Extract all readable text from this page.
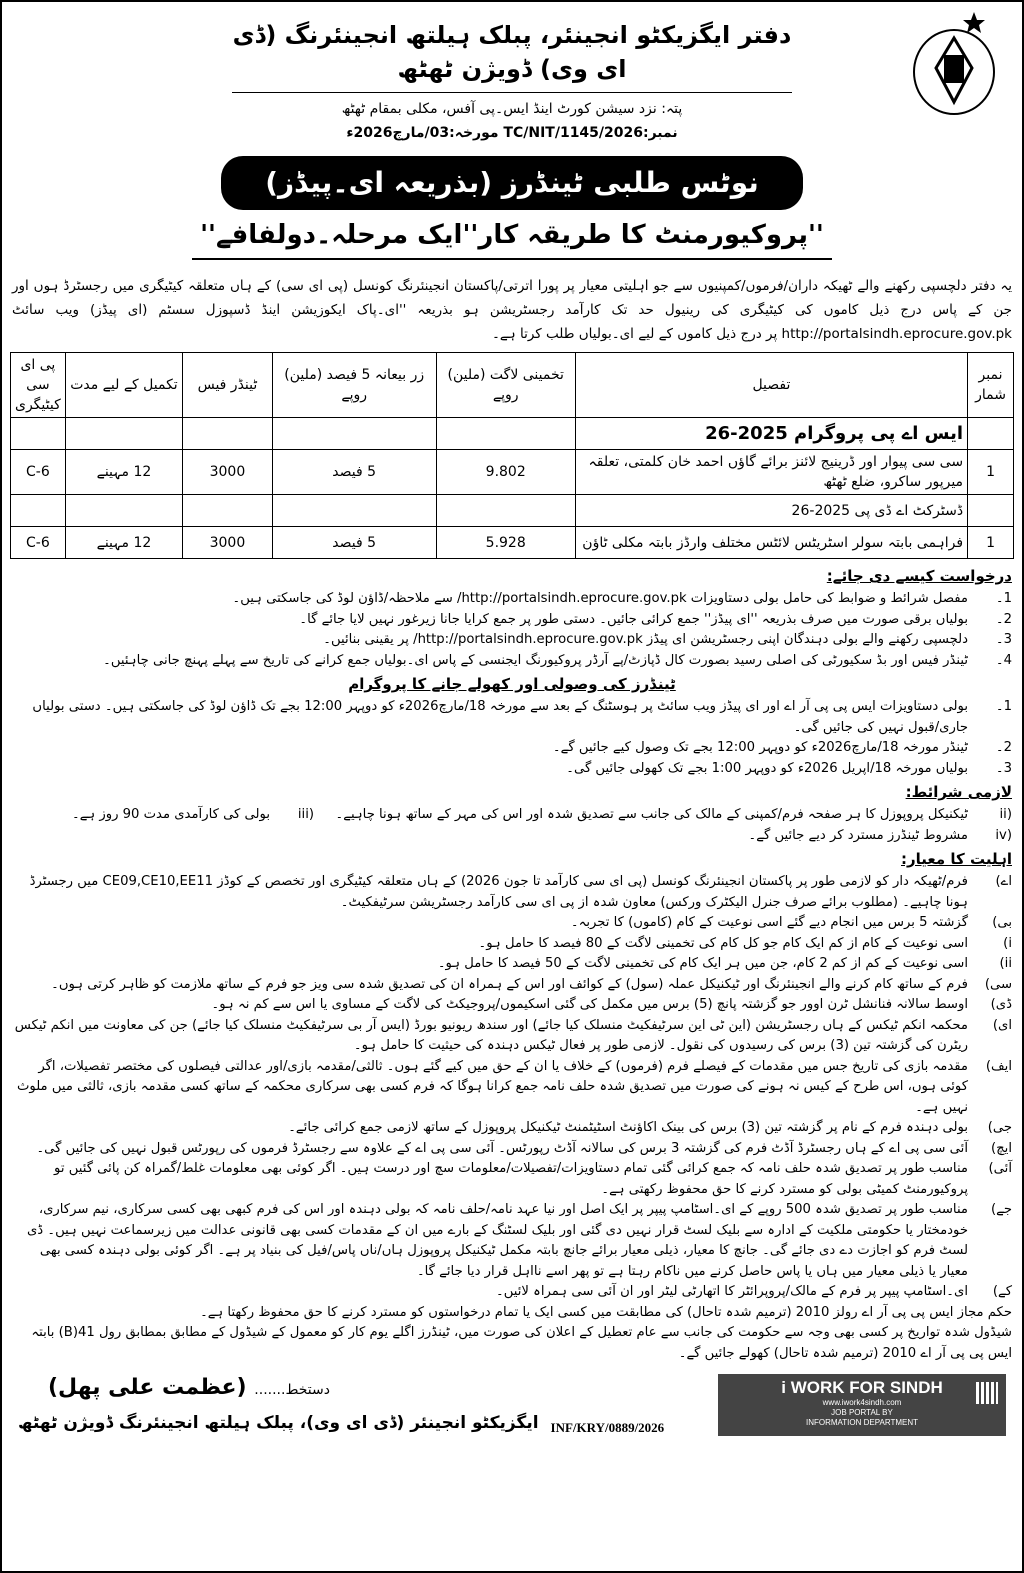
دفتر ایگزیکٹو انجینئر، پبلک ہیلتھ انجینئرنگ (ڈی ای وی) ڈویژن ٹھٹھ
پتہ: نزد سیشن کورٹ اینڈ ایس۔پی آفس، مکلی بمقام ٹھٹھ
نمبر:TC/NIT/1145/2026 مورخہ:03/مارچ2026ء
نوٹس طلبی ٹینڈرز (بذریعہ ای۔پیڈز)
''پروکیورمنٹ کا طریقہ کار''ایک مرحلہ۔دولفافے''
یہ دفتر دلچسپی رکھنے والے ٹھیکہ داران/فرموں/کمپنیوں سے جو اہلیتی معیار پر پورا اترتی/پاکستان انجینئرنگ کونسل (پی ای سی) کے ہاں متعلقہ کیٹیگری میں رجسٹرڈ ہوں اور جن کے پاس درج ذیل کاموں کی کیٹیگری کی رینیول حد تک کارآمد رجسٹریشن ہو بذریعہ ''ای۔پاک ایکوزیشن اینڈ ڈسپوزل سسٹم (ای پیڈز) ویب سائٹ http://portalsindh.eprocure.gov.pk پر درج ذیل کاموں کے لیے ای۔بولیاں طلب کرتا ہے۔
نمبر شمار	تفصیل	تخمینی لاگت (ملین) روپے	زر بیعانہ 5 فیصد (ملین) روپے	ٹینڈر فیس	تکمیل کے لیے مدت	پی ای سی کیٹیگری
	ایس اے پی پروگرام 2025-26					
1	سی سی پیوار اور ڈرینیج لائنز برائے گاؤں احمد خان کلمتی، تعلقہ میرپور ساکرو، ضلع ٹھٹھ	9.802	5 فیصد	3000	12 مہینے	C-6
	ڈسٹرکٹ اے ڈی پی 2025-26					
1	فراہمی بابتہ سولر اسٹریٹس لائٹس مختلف وارڈز بابتہ مکلی ٹاؤن	5.928	5 فیصد	3000	12 مہینے	C-6
درخواست کیسے دی جائے:
1۔
مفصل شرائط و ضوابط کی حامل بولی دستاویزات http://portalsindh.eprocure.gov.pk/ سے ملاحظہ/ڈاؤن لوڈ کی جاسکتی ہیں۔
2۔
بولیاں برقی صورت میں صرف بذریعہ ''ای پیڈز'' جمع کرائی جائیں۔ دستی طور پر جمع کرایا جانا زیرغور نہیں لایا جائے گا۔
3۔
دلچسپی رکھنے والے بولی دہندگان اپنی رجسٹریشن ای پیڈز http://portalsindh.eprocure.gov.pk/ پر یقینی بنائیں۔
4۔
ٹینڈر فیس اور بڈ سکیورٹی کی اصلی رسید بصورت کال ڈپازٹ/پے آرڈر پروکیورنگ ایجنسی کے پاس ای۔بولیاں جمع کرانے کی تاریخ سے پہلے پہنچ جانی چاہئیں۔
ٹینڈرز کی وصولی اور کھولے جانے کا پروگرام
1۔
بولی دستاویزات ایس پی پی آر اے اور ای پیڈز ویب سائٹ پر ہوسٹنگ کے بعد سے مورخہ 18/مارچ2026ء کو دوپہر 12:00 بجے تک ڈاؤن لوڈ کی جاسکتی ہیں۔ دستی بولیاں جاری/قبول نہیں کی جائیں گی۔
2۔
ٹینڈر مورخہ 18/مارچ2026ء کو دوپہر 12:00 بجے تک وصول کیے جائیں گے۔
3۔
بولیاں مورخہ 18/اپریل 2026ء کو دوپہر 1:00 بجے تک کھولی جائیں گی۔
لازمی شرائط:
(ii
ٹیکنیکل پروپوزل کا ہر صفحہ فرم/کمپنی کے مالک کی جانب سے تصدیق شدہ اور اس کی مہر کے ساتھ ہونا چاہیے۔
(iii
بولی کی کارآمدی مدت 90 روز ہے۔
(iv
مشروط ٹینڈرز مسترد کر دیے جائیں گے۔
اہلیت کا معیار:
اے)
فرم/ٹھیکہ دار کو لازمی طور پر پاکستان انجینئرنگ کونسل (پی ای سی کارآمد تا جون 2026) کے ہاں متعلقہ کیٹیگری اور تخصص کے کوڈز CE09,CE10,EE11 میں رجسٹرڈ ہونا چاہیے۔ (مطلوب برائے صرف جنرل الیکٹرک ورکس) معاون شدہ از پی ای سی کارآمد رجسٹریشن سرٹیفکیٹ۔
بی)
گزشتہ 5 برس میں انجام دیے گئے اسی نوعیت کے کام (کاموں) کا تجربہ۔
i)
اسی نوعیت کے کام از کم ایک کام جو کل کام کی تخمینی لاگت کے 80 فیصد کا حامل ہو۔
ii)
اسی نوعیت کے کم از کم 2 کام، جن میں ہر ایک کام کی تخمینی لاگت کے 50 فیصد کا حامل ہو۔
سی)
فرم کے ساتھ کام کرنے والے انجینئرنگ اور ٹیکنیکل عملہ (سول) کے کوائف اور اس کے ہمراہ ان کی تصدیق شدہ سی ویز جو فرم کے ساتھ ملازمت کو ظاہر کرتی ہوں۔
ڈی)
اوسط سالانہ فنانشل ٹرن اوور جو گزشتہ پانچ (5) برس میں مکمل کی گئی اسکیموں/پروجیکٹ کی لاگت کے مساوی یا اس سے کم نہ ہو۔
ای)
محکمہ انکم ٹیکس کے ہاں رجسٹریشن (این ٹی این سرٹیفکیٹ منسلک کیا جائے) اور سندھ ریونیو بورڈ (ایس آر بی سرٹیفکیٹ منسلک کیا جائے) جن کی معاونت میں انکم ٹیکس ریٹرن کی گزشتہ تین (3) برس کی رسیدوں کی نقول۔ لازمی طور پر فعال ٹیکس دہندہ کی حیثیت کا حامل ہو۔
ایف)
مقدمہ بازی کی تاریخ جس میں مقدمات کے فیصلے فرم (فرموں) کے خلاف یا ان کے حق میں کیے گئے ہوں۔ ثالثی/مقدمہ بازی/اور عدالتی فیصلوں کی مختصر تفصیلات، اگر کوئی ہوں، اس طرح کے کیس نہ ہونے کی صورت میں تصدیق شدہ حلف نامہ جمع کرانا ہوگا کہ فرم کسی بھی سرکاری محکمہ کے ساتھ کسی مقدمہ بازی، ثالثی میں ملوث نہیں ہے۔
جی)
بولی دہندہ فرم کے نام پر گزشتہ تین (3) برس کی بینک اکاؤنٹ اسٹیٹمنٹ ٹیکنیکل پروپوزل کے ساتھ لازمی جمع کرائی جائے۔
ایچ)
آئی سی پی اے کے ہاں رجسٹرڈ آڈٹ فرم کی گزشتہ 3 برس کی سالانہ آڈٹ رپورٹس۔ آئی سی پی اے کے علاوہ سے رجسٹرڈ فرموں کی رپورٹس قبول نہیں کی جائیں گی۔
آئی)
مناسب طور پر تصدیق شدہ حلف نامہ کہ جمع کرائی گئی تمام دستاویزات/تفصیلات/معلومات سچ اور درست ہیں۔ اگر کوئی بھی معلومات غلط/گمراہ کن پائی گئیں تو پروکیورمنٹ کمیٹی بولی کو مسترد کرنے کا حق محفوظ رکھتی ہے۔
جے)
مناسب طور پر تصدیق شدہ 500 روپے کے ای۔اسٹامپ پیپر پر ایک اصل اور نیا عہد نامہ/حلف نامہ کہ بولی دہندہ اور اس کی فرم کبھی بھی کسی سرکاری، نیم سرکاری، خودمختار یا حکومتی ملکیت کے ادارہ سے بلیک لسٹ قرار نہیں دی گئی اور بلیک لسٹنگ کے بارے میں ان کے مقدمات کسی بھی قانونی عدالت میں زیرسماعت نہیں ہیں۔ ڈی لسٹ فرم کو اجازت دے دی جائے گی۔ جانچ کا معیار، ذیلی معیار برائے جانچ بابتہ مکمل ٹیکنیکل پروپوزل ہاں/ناں پاس/فیل کی بنیاد پر ہے۔ اگر کوئی بولی دہندہ کسی بھی معیار یا ذیلی معیار میں ہاں یا پاس حاصل کرنے میں ناکام رہتا ہے تو پھر اسے نااہل قرار دیا جائے گا۔
کے)
ای۔اسٹامپ پیپر پر فرم کے مالک/پروپرائٹر کا اتھارٹی لیٹر اور ان آئی سی ہمراہ لائیں۔
حکم مجاز ایس پی پی آر اے رولز 2010 (ترمیم شدہ تاحال) کی مطابقت میں کسی ایک یا تمام درخواستوں کو مسترد کرنے کا حق محفوظ رکھتا ہے۔
شیڈول شدہ تواریخ پر کسی بھی وجہ سے حکومت کی جانب سے عام تعطیل کے اعلان کی صورت میں، ٹینڈرز اگلے یوم کار کو معمول کے شیڈول کے مطابق بمطابق رول 41(B) بابتہ ایس پی پی آر اے 2010 (ترمیم شدہ تاحال) کھولے جائیں گے۔
دستخط....... (عظمت علی پھل)
ایگزیکٹو انجینئر (ڈی ای وی)، پبلک ہیلتھ انجینئرنگ ڈویژن ٹھٹھ INF/KRY/0889/2026
i WORK FOR SINDH
www.iwork4sindh.com
JOB PORTAL BY
INFORMATION DEPARTMENT
